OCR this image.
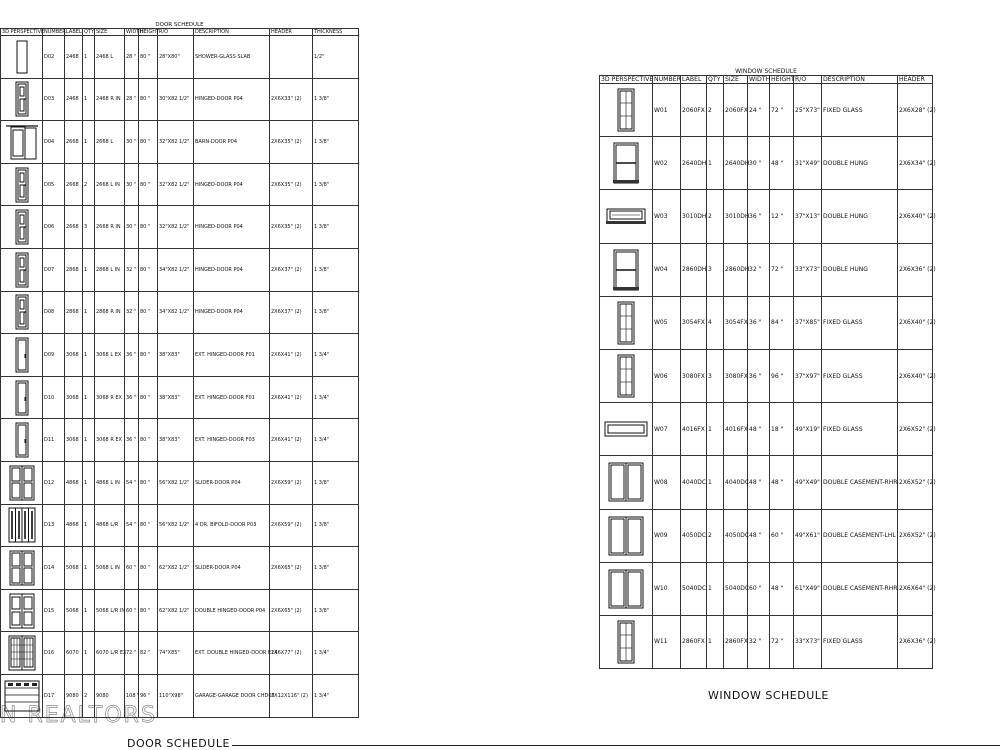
N REALTORS
DOOR SCHEDULE										
3D PERSPECTIVE	NUMBER	LABEL	QTY	SIZE	WIDTH	HEIGHT	R/O	DESCRIPTION	HEADER	THICKNESS

	D02	2468	1	2468 L	28 "	80 "	28"X80"	SHOWER-GLASS SLAB		1/2"

	D03	2468	1	2468 R IN	28 "	80 "	30"X82 1/2"	HINGED-DOOR P04	2X6X33" (2)	1 3/8"

	D04	2668	1	2668 L	30 "	80 "	32"X82 1/2"	BARN-DOOR P04	2X6X35" (2)	1 3/8"

	D05	2668	2	2668 L IN	30 "	80 "	32"X82 1/2"	HINGED-DOOR P04	2X6X35" (2)	1 3/8"

	D06	2668	3	2668 R IN	30 "	80 "	32"X82 1/2"	HINGED-DOOR P04	2X6X35" (2)	1 3/8"

	D07	2868	1	2868 L IN	32 "	80 "	34"X82 1/2"	HINGED-DOOR P04	2X6X37" (2)	1 3/8"

	D08	2868	1	2868 R IN	32 "	80 "	34"X82 1/2"	HINGED-DOOR P04	2X6X37" (2)	1 3/8"

	D09	3068	1	3068 L EX	36 "	80 "	38"X83"	EXT. HINGED-DOOR F01	2X6X41" (2)	1 3/4"

	D10	3068	1	3068 R EX	36 "	80 "	38"X83"	EXT. HINGED-DOOR F01	2X6X41" (2)	1 3/4"

	D11	3068	1	3068 R EX	36 "	80 "	38"X83"	EXT. HINGED-DOOR F03	2X6X41" (2)	1 3/4"

	D12	4868	1	4868 L IN	54 "	80 "	56"X82 1/2"	SLIDER-DOOR P04	2X6X59" (2)	1 3/8"

	D13	4868	1	4868 L/R	54 "	80 "	56"X82 1/2"	4 DR. BIFOLD-DOOR P03	2X6X59" (2)	1 3/8"

	D14	5068	1	5068 L IN	60 "	80 "	62"X82 1/2"	SLIDER-DOOR P04	2X6X65" (2)	1 3/8"

	D15	5068	1	5068 L/R IN	60 "	80 "	62"X82 1/2"	DOUBLE HINGED-DOOR P04	2X6X65" (2)	1 3/8"

	D16	6070	1	6070 L/R EX	72 "	82 "	74"X85"	EXT. DOUBLE HINGED-DOOR E14	2X6X77" (2)	1 3/4"

	D17	9080	2	9080	108 "	96 "	110"X98"	GARAGE-GARAGE DOOR CHD05	2X12X116" (2)	1 3/4"
WINDOW SCHEDULE									
3D PERSPECTIVE	NUMBER	LABEL	QTY	SIZE	WIDTH	HEIGHT	R/O	DESCRIPTION	HEADER

	W01	2060FX	2	2060FX	24 "	72 "	25"X73"	FIXED GLASS	2X6X28" (2)

	W02	2640DH	1	2640DH	30 "	48 "	31"X49"	DOUBLE HUNG	2X6X34" (2)

	W03	3010DH	2	3010DH	36 "	12 "	37"X13"	DOUBLE HUNG	2X6X40" (2)

	W04	2860DH	3	2860DH	32 "	72 "	33"X73"	DOUBLE HUNG	2X6X36" (2)

	W05	3054FX	4	3054FX	36 "	84 "	37"X85"	FIXED GLASS	2X6X40" (2)

	W06	3080FX	3	3080FX	36 "	96 "	37"X97"	FIXED GLASS	2X6X40" (2)

	W07	4016FX	1	4016FX	48 "	18 "	49"X19"	FIXED GLASS	2X6X52" (2)

	W08	4040DC	1	4040DC	48 "	48 "	49"X49"	DOUBLE CASEMENT-RHR	2X6X52" (2)

	W09	4050DC	2	4050DC	48 "	60 "	49"X61"	DOUBLE CASEMENT-LHL	2X6X52" (2)

	W10	5040DC	1	5040DC	60 "	48 "	61"X49"	DOUBLE CASEMENT-RHR	2X6X64" (2)

	W11	2860FX	1	2860FX	32 "	72 "	33"X73"	FIXED GLASS	2X6X36" (2)
WINDOW SCHEDULE
DOOR SCHEDULE
